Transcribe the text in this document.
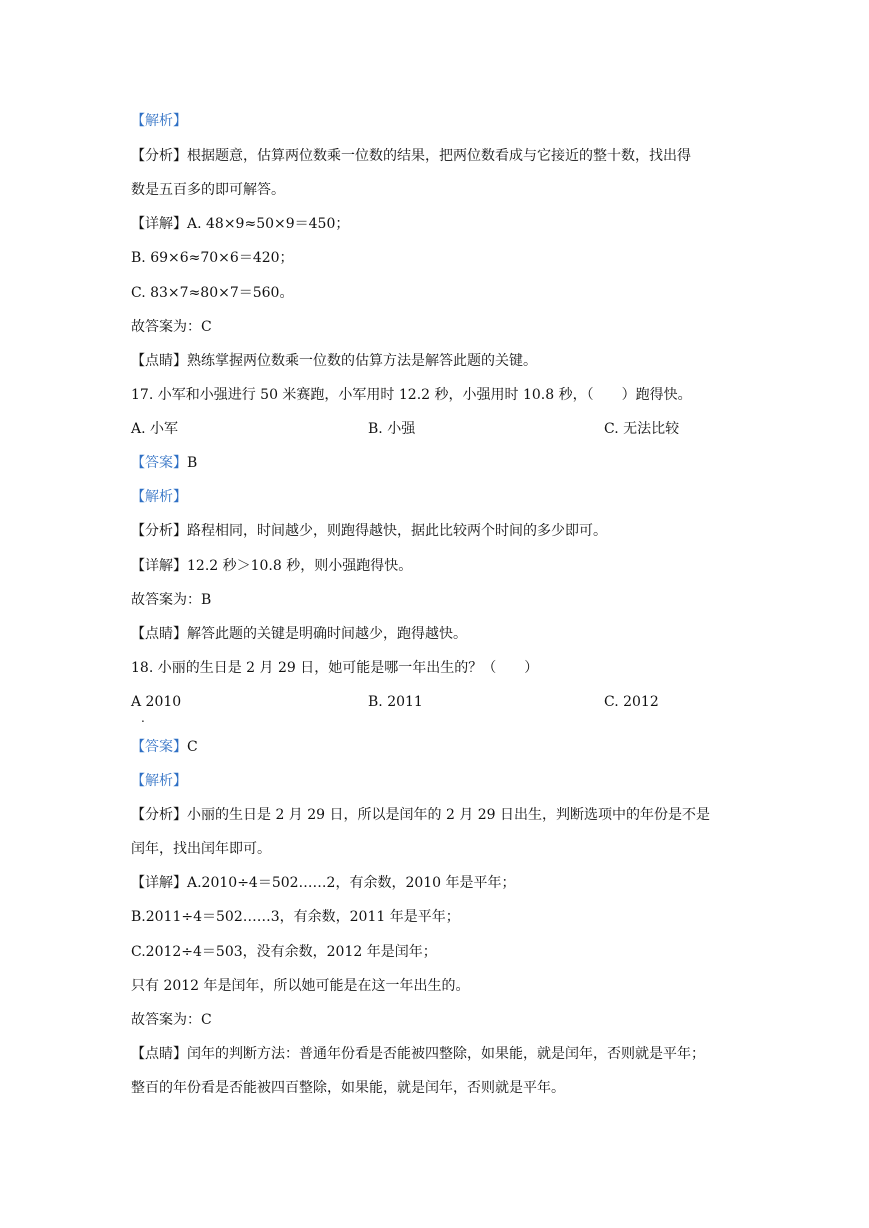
【解析】
【分析】根据题意，估算两位数乘一位数的结果，把两位数看成与它接近的整十数，找出得
数是五百多的即可解答。
【详解】A. 48×9≈50×9＝450；
B. 69×6≈70×6＝420；
C. 83×7≈80×7＝560。
故答案为：C
【点睛】熟练掌握两位数乘一位数的估算方法是解答此题的关键。
17. 小军和小强进行 50 米赛跑，小军用时 12.2 秒，小强用时 10.8 秒，（　　）跑得快。
A. 小军	B. 小强	C. 无法比较
【答案】B
【解析】
【分析】路程相同，时间越少，则跑得越快，据此比较两个时间的多少即可。
【详解】12.2 秒＞10.8 秒，则小强跑得快。
故答案为：B
【点睛】解答此题的关键是明确时间越少，跑得越快。
18. 小丽的生日是 2 月 29 日，她可能是哪一年出生的？（　　）
A 2010
.
B. 2011	C. 2012
【答案】C
【解析】
【分析】小丽的生日是 2 月 29 日，所以是闰年的 2 月 29 日出生，判断选项中的年份是不是
闰年，找出闰年即可。
【详解】A.2010÷4＝502……2，有余数，2010 年是平年；
B.2011÷4＝502……3，有余数，2011 年是平年；
C.2012÷4＝503，没有余数，2012 年是闰年；
只有 2012 年是闰年，所以她可能是在这一年出生的。
故答案为：C
【点睛】闰年的判断方法：普通年份看是否能被四整除，如果能，就是闰年，否则就是平年；
整百的年份看是否能被四百整除，如果能，就是闰年，否则就是平年。
